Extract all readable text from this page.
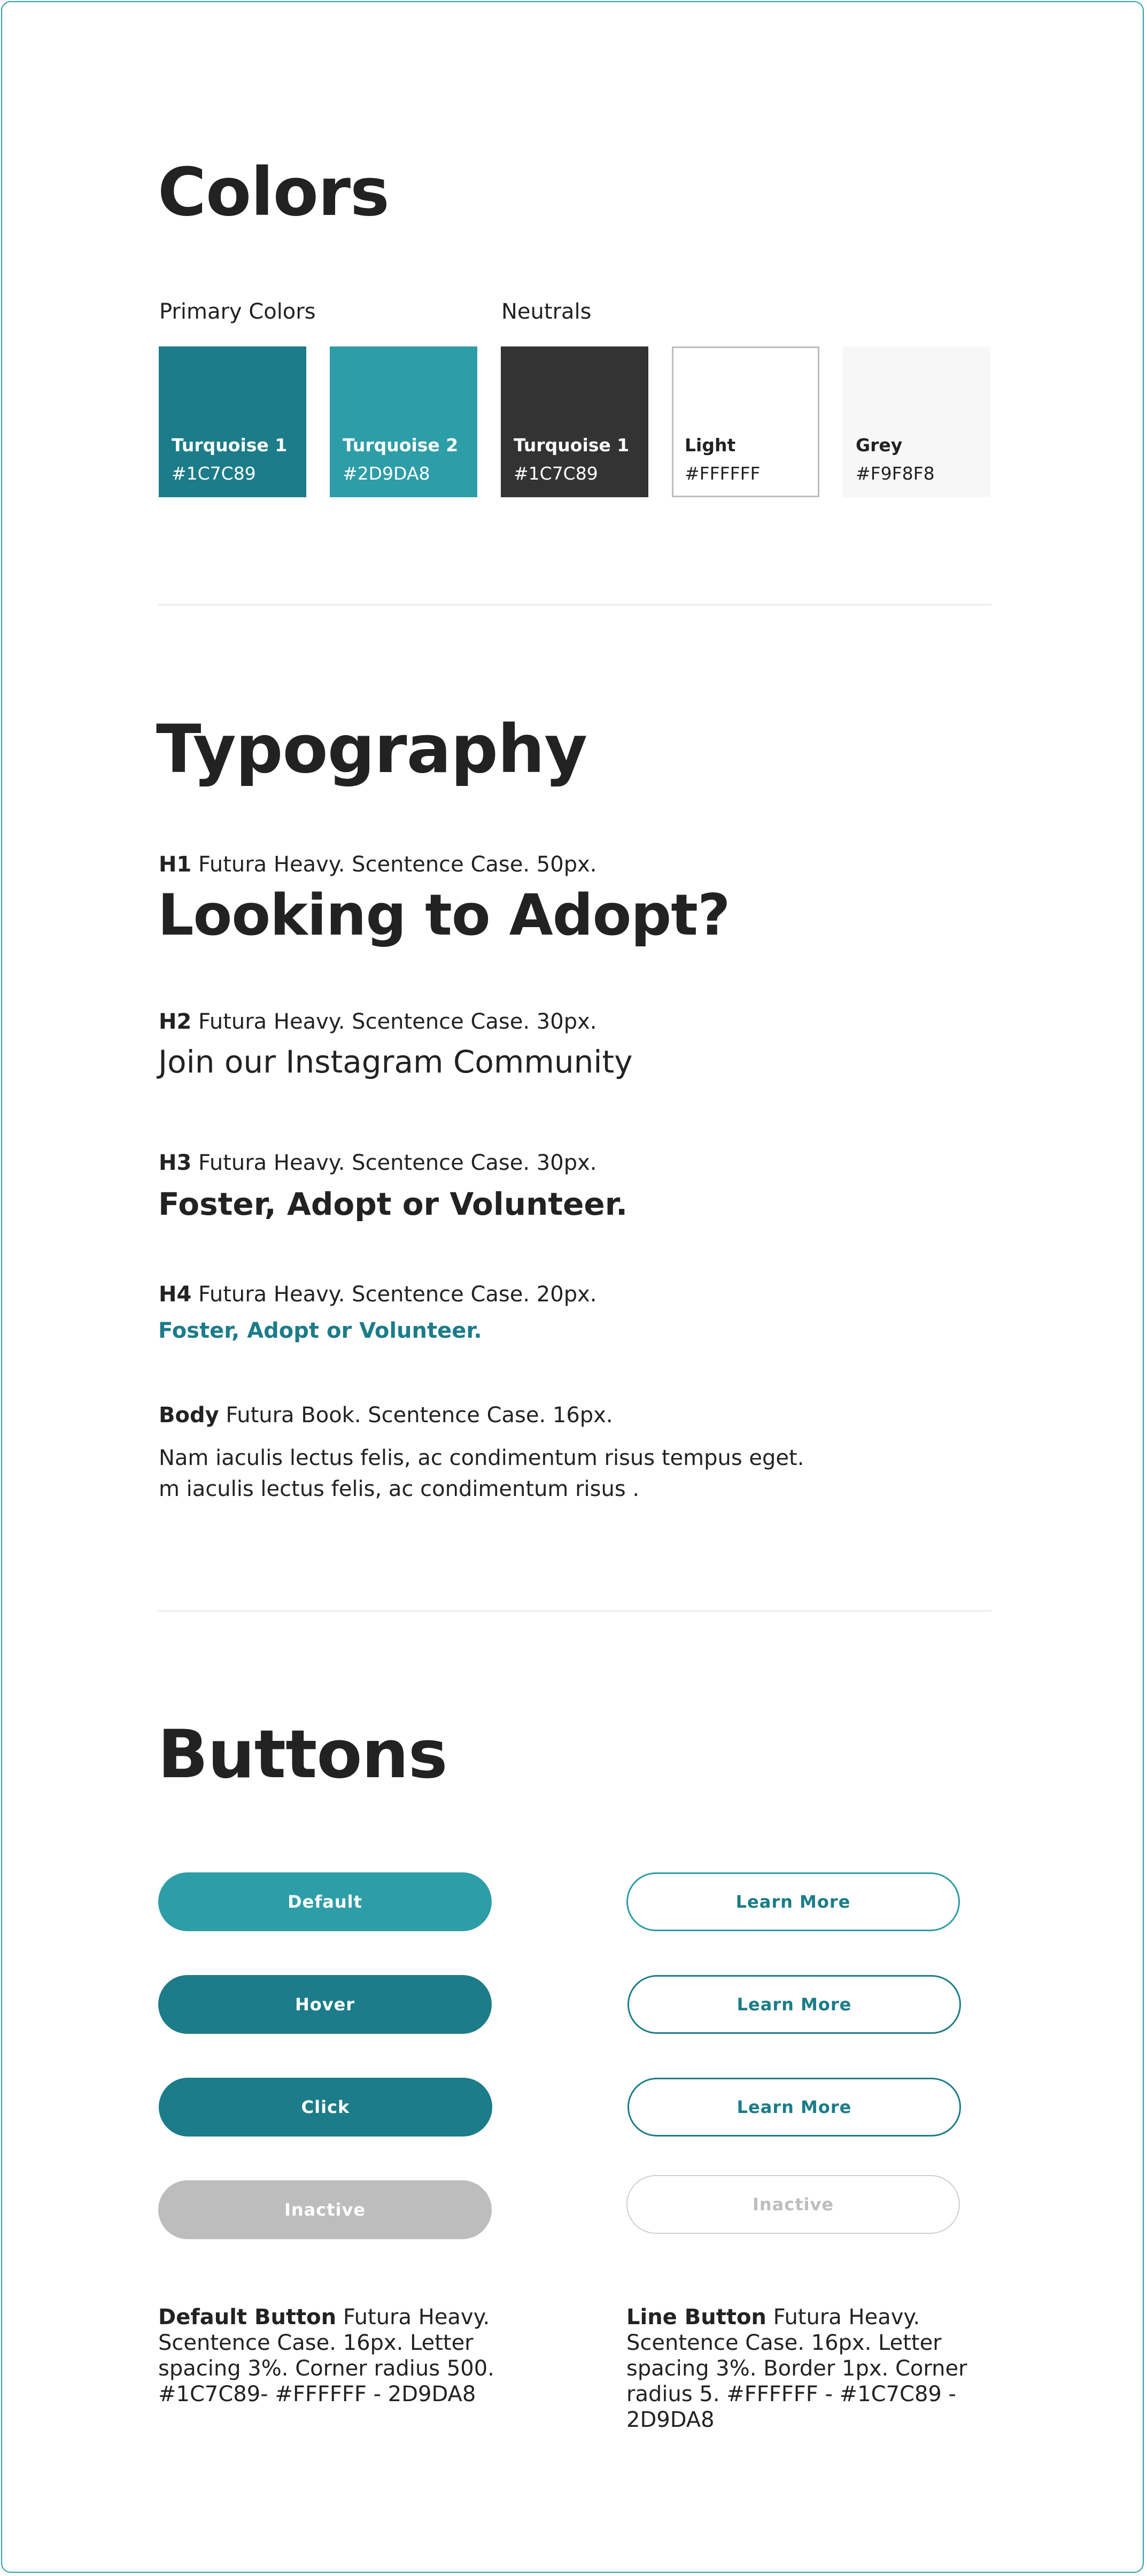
Colors
Primary Colors	Neutrals
Turquoise 1
#1C7C89
Turquoise 2
#2D9DA8
Turquoise 1
#1C7C89
Light
#FFFFFF
Grey
#F9F8F8
Typography
H1 Futura Heavy. Scentence Case. 50px.
Looking to Adopt?
H2 Futura Heavy. Scentence Case. 30px.
Join our Instagram Community
H3 Futura Heavy. Scentence Case. 30px.
Foster, Adopt or Volunteer.
H4 Futura Heavy. Scentence Case. 20px.
Foster, Adopt or Volunteer.
Body Futura Book. Scentence Case. 16px.
Nam iaculis lectus felis, ac condimentum risus tempus eget.
m iaculis lectus felis, ac condimentum risus .
Buttons
Default
Hover
Click
Inactive
Learn More
Learn More
Learn More
Inactive
Default Button Futura Heavy. Scentence Case. 16px. Letter spacing 3%. Corner radius 500. #1C7C89- #FFFFFF - 2D9DA8
Line Button Futura Heavy. Scentence Case. 16px. Letter spacing 3%. Border 1px. Corner radius 5. #FFFFFF - #1C7C89 - 2D9DA8
